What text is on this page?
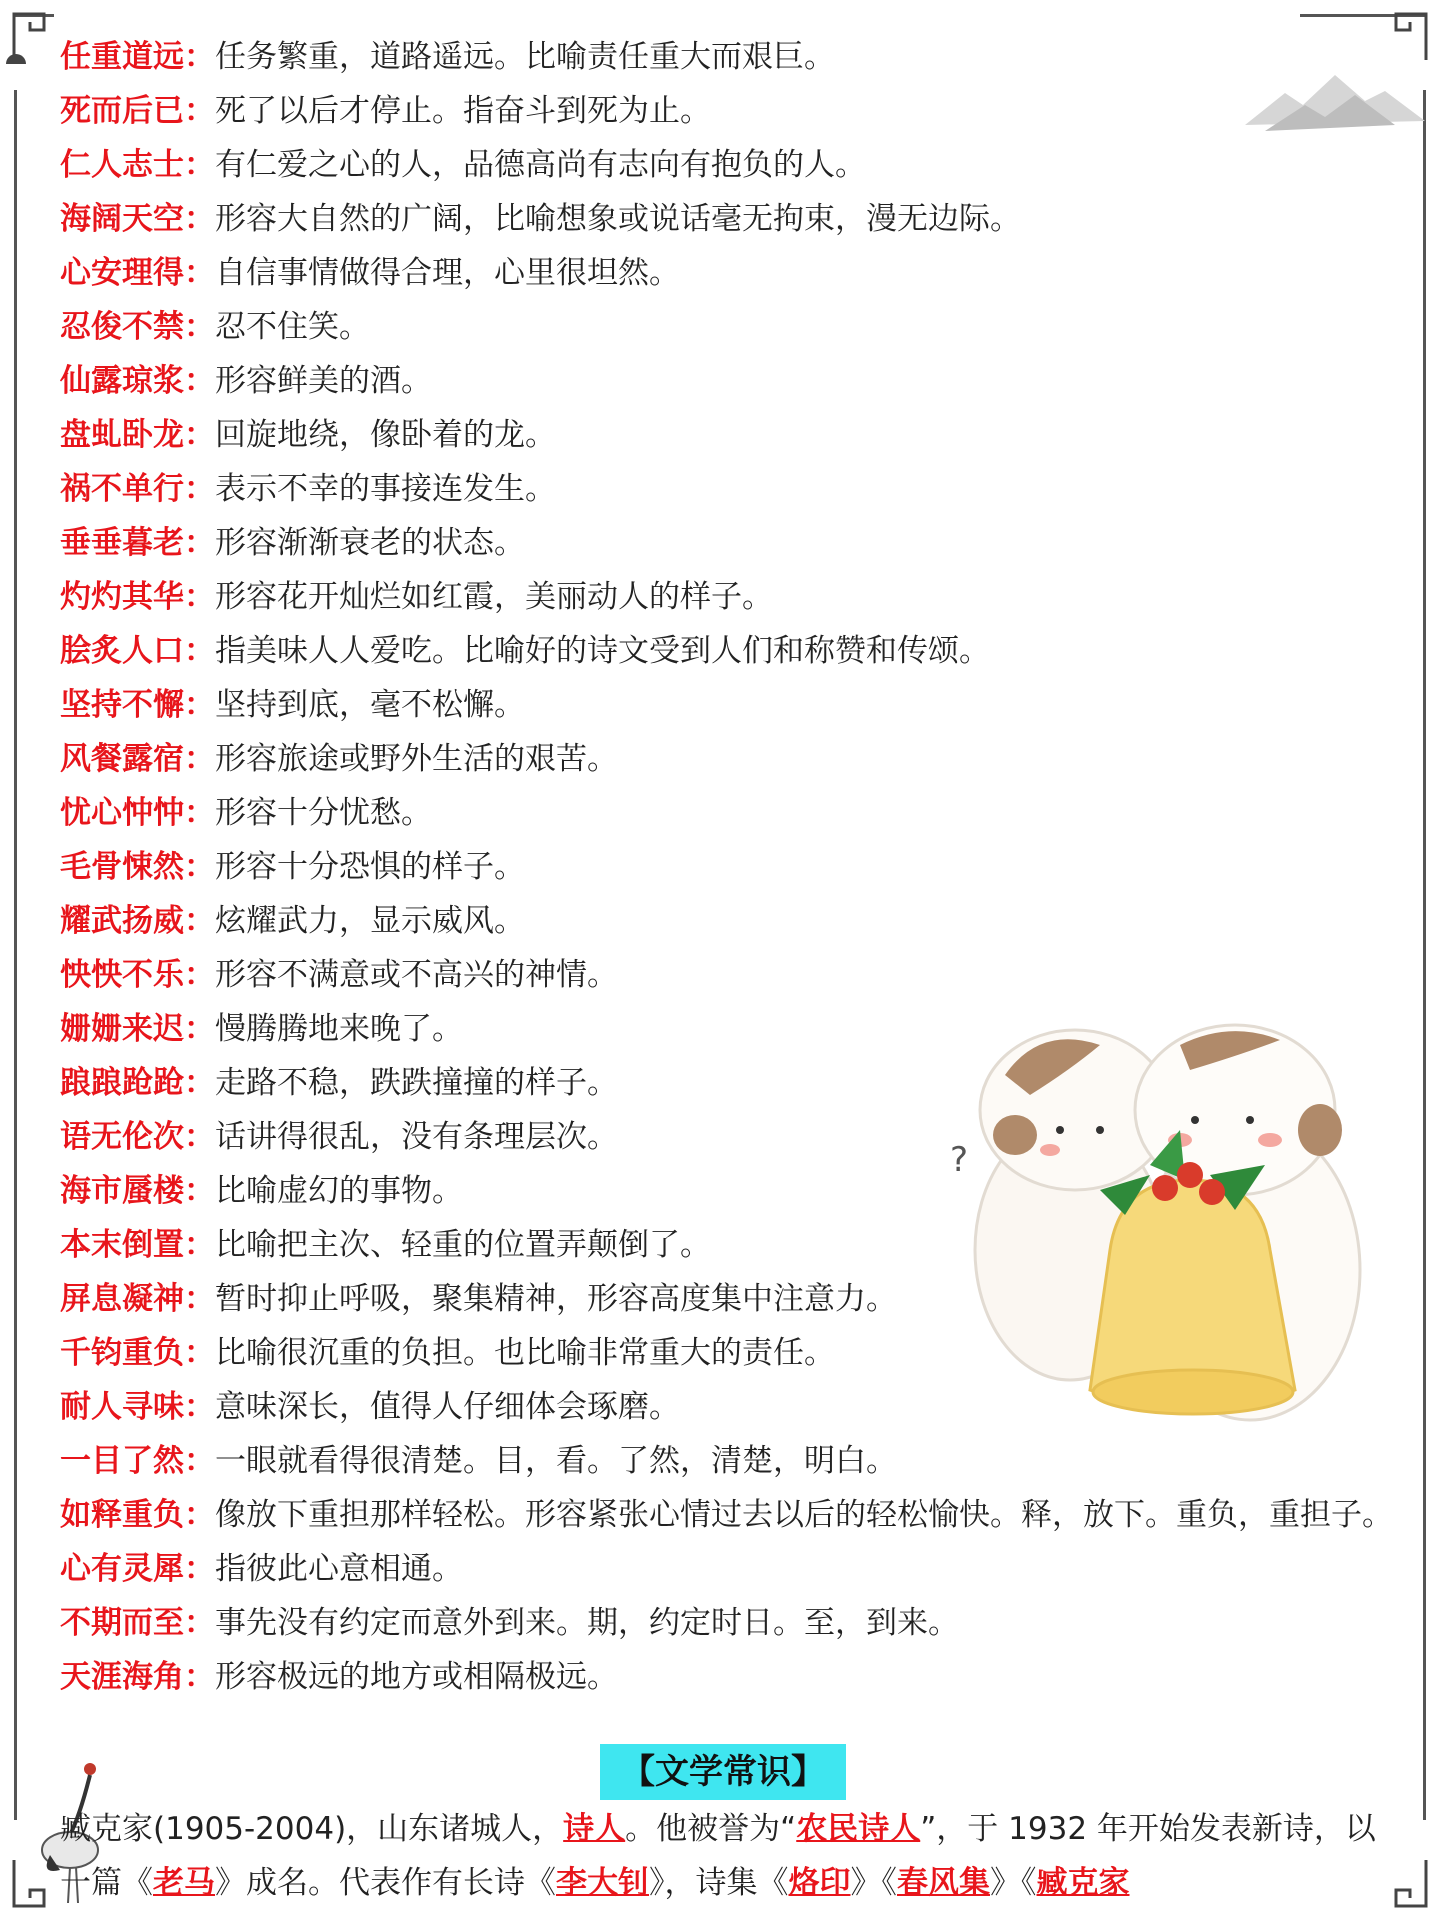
任重道远：任务繁重，道路遥远。比喻责任重大而艰巨。
死而后已：死了以后才停止。指奋斗到死为止。
仁人志士：有仁爱之心的人，品德高尚有志向有抱负的人。
海阔天空：形容大自然的广阔，比喻想象或说话毫无拘束，漫无边际。
心安理得：自信事情做得合理，心里很坦然。
忍俊不禁：忍不住笑。
仙露琼浆：形容鲜美的酒。
盘虬卧龙：回旋地绕，像卧着的龙。
祸不单行：表示不幸的事接连发生。
垂垂暮老：形容渐渐衰老的状态。
灼灼其华：形容花开灿烂如红霞，美丽动人的样子。
脍炙人口：指美味人人爱吃。比喻好的诗文受到人们和称赞和传颂。
坚持不懈：坚持到底，毫不松懈。
风餐露宿：形容旅途或野外生活的艰苦。
忧心忡忡：形容十分忧愁。
毛骨悚然：形容十分恐惧的样子。
耀武扬威：炫耀武力，显示威风。
怏怏不乐：形容不满意或不高兴的神情。
姗姗来迟：慢腾腾地来晚了。
踉踉跄跄：走路不稳，跌跌撞撞的样子。
语无伦次：话讲得很乱，没有条理层次。
海市蜃楼：比喻虚幻的事物。
本末倒置：比喻把主次、轻重的位置弄颠倒了。
屏息凝神：暂时抑止呼吸，聚集精神，形容高度集中注意力。
千钧重负：比喻很沉重的负担。也比喻非常重大的责任。
耐人寻味：意味深长，值得人仔细体会琢磨。
一目了然：一眼就看得很清楚。目，看。了然，清楚，明白。
如释重负：像放下重担那样轻松。形容紧张心情过去以后的轻松愉快。释，放下。重负，重担子。
心有灵犀：指彼此心意相通。
不期而至：事先没有约定而意外到来。期，约定时日。至，到来。
天涯海角：形容极远的地方或相隔极远。
?
【文学常识】
臧克家(1905-2004)，山东诸城人，诗人。他被誉为“农民诗人”，于 1932 年开始发表新诗，以一篇《老马》成名。代表作有长诗《李大钊》，诗集《烙印》《春风集》《臧克家
